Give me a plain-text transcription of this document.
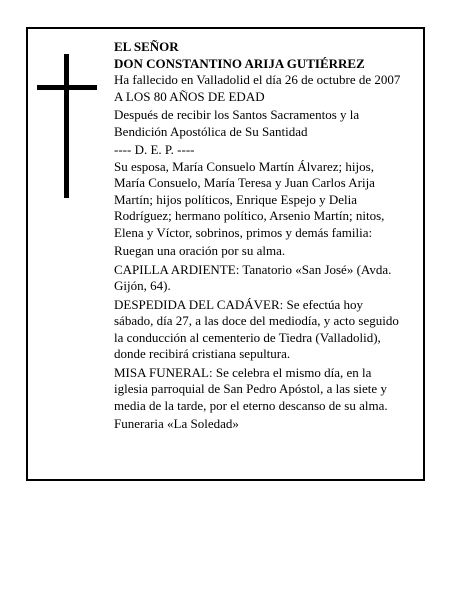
EL SEÑOR

DON CONSTANTINO ARIJA GUTIÉRREZ

Ha fallecido en Valladolid el día 26 de octubre de 2007

A LOS 80 AÑOS DE EDAD

Después de recibir los Santos Sacramentos y la

Bendición Apostólica de Su Santidad

---- D. E. P. ----

Su esposa, María Consuelo Martín Álvarez; hijos,

María Consuelo, María Teresa y Juan Carlos Arija

Martín; hijos políticos, Enrique Espejo y Delia

Rodríguez; hermano político, Arsenio Martín; nitos,

Elena y Víctor, sobrinos, primos y demás familia:

Ruegan una oración por su alma.

CAPILLA ARDIENTE: Tanatorio «San José» (Avda.

Gijón, 64).

DESPEDIDA DEL CADÁVER: Se efectúa hoy

sábado, día 27, a las doce del mediodía, y acto seguido

la conducción al cementerio de Tiedra (Valladolid),

donde recibirá cristiana sepultura.

MISA FUNERAL: Se celebra el mismo día, en la

iglesia parroquial de San Pedro Apóstol, a las siete y

media de la tarde, por el eterno descanso de su alma.

Funeraria «La Soledad»
